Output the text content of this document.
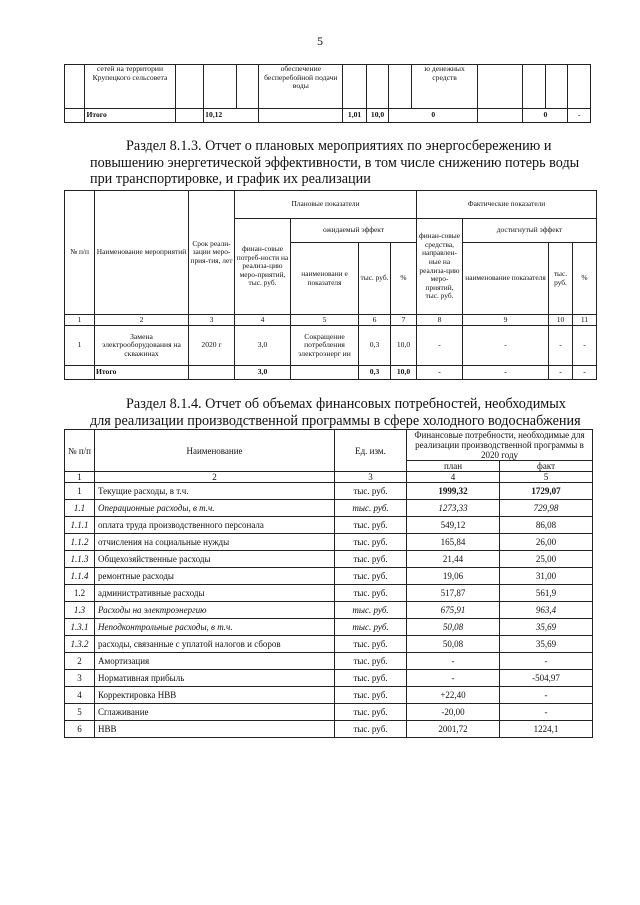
5
	сетей на территории Крупецкого сельсовета				обеспечение бесперебойной подачи воды				ю денежных средств				
	Итого		10,12			1,01	10,0	0			0		-
Раздел 8.1.3. Отчет о плановых мероприятиях по энергосбережению и
повышению энергетической эффективности, в том числе снижению потерь воды
при транспортировке, и график их реализации
№ п/п	Наименование мероприятий	Срок реали-зации меро-прия-тия, лет	Плановые показатели				Фактические показатели			
			финан-совые потреб-ности на реализа-цию меро-приятий, тыс. руб.	ожидаемый эффект			финан-совые средства, направлен-ные на реализа-цию меро-приятий, тыс. руб.	достигнутый эффект		
				наименовани е показателя	тыс. руб.	%		наименование показателя	тыс. руб.	%
1	2	3	4	5	6	7	8	9	10	11
1	Замена электрооборудования на скважинах	2020 г	3,0	Сокращение потребления электроэнерг ии	0,3	10,0	-	-	-	-
	Итого		3,0		0,3	10,0	-	-	-	-
Раздел 8.1.4. Отчет об объемах финансовых потребностей, необходимых
для реализации производственной программы в сфере холодного водоснабжения
№ п/п	Наименование	Ед. изм.	Финансовые потребности, необходимые для реализации производственной программы в 2020 году	
			план	факт
1	2	3	4	5
1	Текущие расходы, в т.ч.	тыс. руб.	1999,32	1729,07
1.1	Операционные расходы, в т.ч.	тыс. руб.	1273,33	729,98
1.1.1	оплата труда производственного персонала	тыс. руб.	549,12	86,08
1.1.2	отчисления на социальные нужды	тыс. руб.	165,84	26,00
1.1.3	Общехозяйственные расходы	тыс. руб.	21,44	25,00
1.1.4	ремонтные расходы	тыс. руб.	19,06	31,00
1.2	административные расходы	тыс. руб.	517,87	561,9
1.3	Расходы на электроэнергию	тыс. руб.	675,91	963,4
1.3.1	Неподконтрольные расходы, в т.ч.	тыс. руб.	50,08	35,69
1.3.2	расходы, связанные с уплатой налогов и сборов	тыс. руб.	50,08	35,69
2	Амортизация	тыс. руб.	-	-
3	Нормативная прибыль	тыс. руб.	-	-504,97
4	Корректировка НВВ	тыс. руб.	+22,40	-
5	Сглаживание	тыс. руб.	-20,00	-
6	НВВ	тыс. руб.	2001,72	1224,1
